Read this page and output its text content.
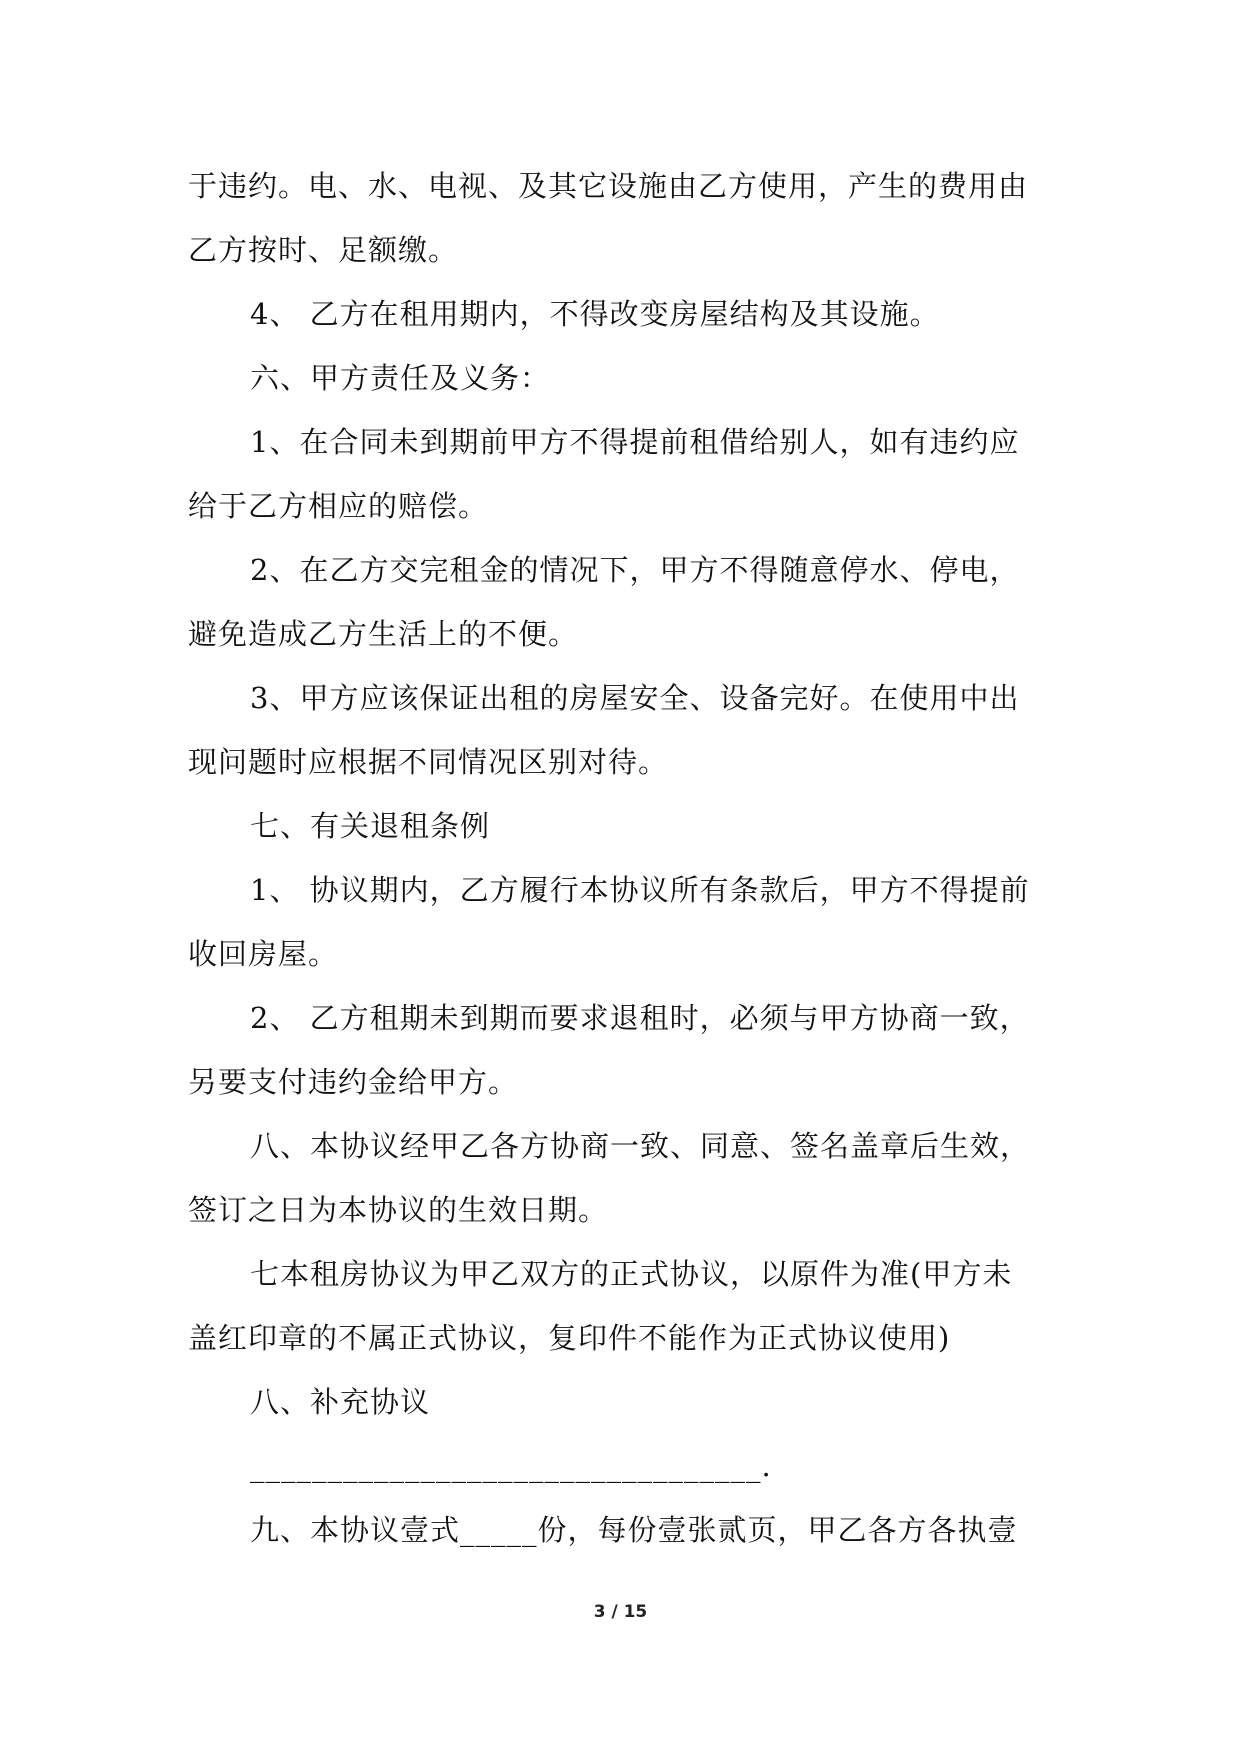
于违约。电、水、电视、及其它设施由乙方使用，产生的费用由
乙方按时、足额缴。
4、 乙方在租用期内，不得改变房屋结构及其设施。
六、甲方责任及义务：
1、在合同未到期前甲方不得提前租借给别人，如有违约应
给于乙方相应的赔偿。
2、在乙方交完租金的情况下，甲方不得随意停水、停电，
避免造成乙方生活上的不便。
3、甲方应该保证出租的房屋安全、设备完好。在使用中出
现问题时应根据不同情况区别对待。
七、有关退租条例
1、 协议期内，乙方履行本协议所有条款后，甲方不得提前
收回房屋。
2、 乙方租期未到期而要求退租时，必须与甲方协商一致，
另要支付违约金给甲方。
八、本协议经甲乙各方协商一致、同意、签名盖章后生效，
签订之日为本协议的生效日期。
七本租房协议为甲乙双方的正式协议，以原件为准(甲方未
盖红印章的不属正式协议，复印件不能作为正式协议使用)
八、补充协议
_________________________________.
九、本协议壹式_____份，每份壹张贰页，甲乙各方各执壹
3 / 15
